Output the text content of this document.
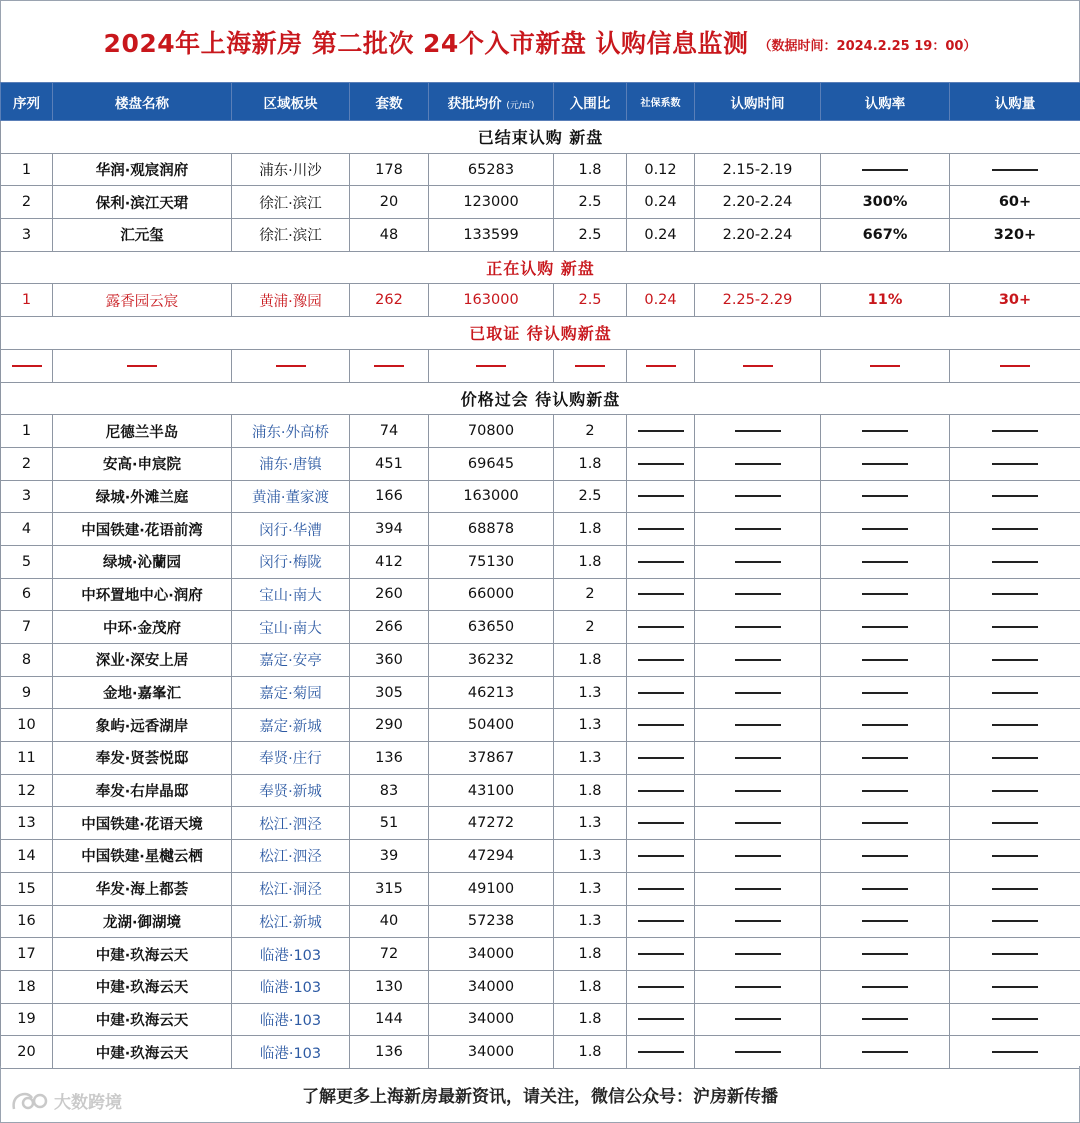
2024年上海新房 第二批次 24个入市新盘 认购信息监测 （数据时间：2024.2.25 19：00）
序列	楼盘名称	区域板块	套数	获批均价 (元/㎡)	入围比	社保系数	认购时间	认购率	认购量
已结束认购 新盘									
1	华润·观宸润府	浦东·川沙	178	65283	1.8	0.12	2.15-2.19		
2	保利·滨江天珺	徐汇·滨江	20	123000	2.5	0.24	2.20-2.24	300%	60+
3	汇元玺	徐汇·滨江	48	133599	2.5	0.24	2.20-2.24	667%	320+
正在认购 新盘									
1	露香园云宸	黄浦·豫园	262	163000	2.5	0.24	2.25-2.29	11%	30+
已取证 待认购新盘									

价格过会 待认购新盘									
1	尼德兰半岛	浦东·外高桥	74	70800	2				
2	安高·申宸院	浦东·唐镇	451	69645	1.8				
3	绿城·外滩兰庭	黄浦·董家渡	166	163000	2.5				
4	中国铁建·花语前湾	闵行·华漕	394	68878	1.8				
5	绿城·沁蘭园	闵行·梅陇	412	75130	1.8				
6	中环置地中心·润府	宝山·南大	260	66000	2				
7	中环·金茂府	宝山·南大	266	63650	2				
8	深业·深安上居	嘉定·安亭	360	36232	1.8				
9	金地·嘉峯汇	嘉定·菊园	305	46213	1.3				
10	象屿·远香湖岸	嘉定·新城	290	50400	1.3				
11	奉发·贤荟悦邸	奉贤·庄行	136	37867	1.3				
12	奉发·右岸晶邸	奉贤·新城	83	43100	1.8				
13	中国铁建·花语天境	松江·泗泾	51	47272	1.3				
14	中国铁建·星樾云栖	松江·泗泾	39	47294	1.3				
15	华发·海上都荟	松江·洞泾	315	49100	1.3				
16	龙湖·御湖境	松江·新城	40	57238	1.3				
17	中建·玖海云天	临港·103	72	34000	1.8				
18	中建·玖海云天	临港·103	130	34000	1.8				
19	中建·玖海云天	临港·103	144	34000	1.8				
20	中建·玖海云天	临港·103	136	34000	1.8				
了解更多上海新房最新资讯，请关注，微信公众号：沪房新传播
大数跨境
